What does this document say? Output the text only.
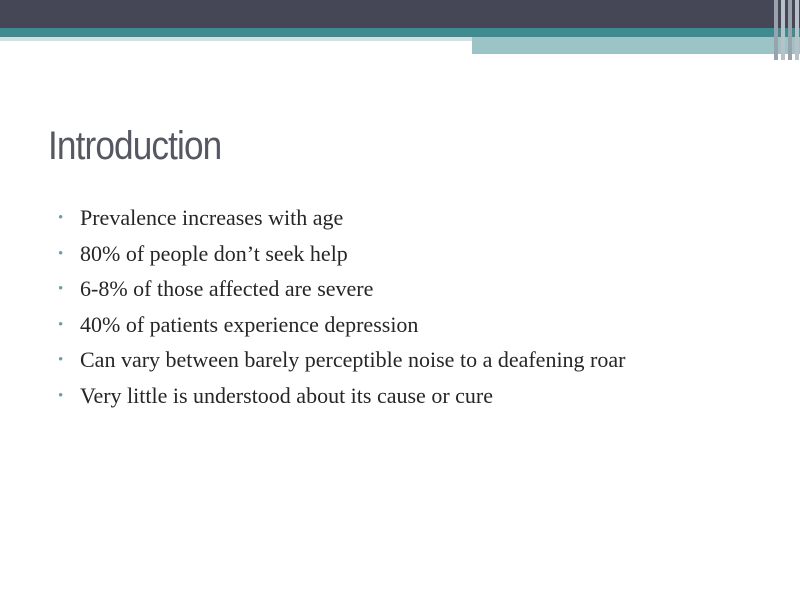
Introduction
• Prevalence increases with age
• 80% of people don’t seek help
• 6-8% of those affected are severe
• 40% of patients experience depression
• Can vary between barely perceptible noise to a deafening roar
• Very little is understood about its cause or cure
